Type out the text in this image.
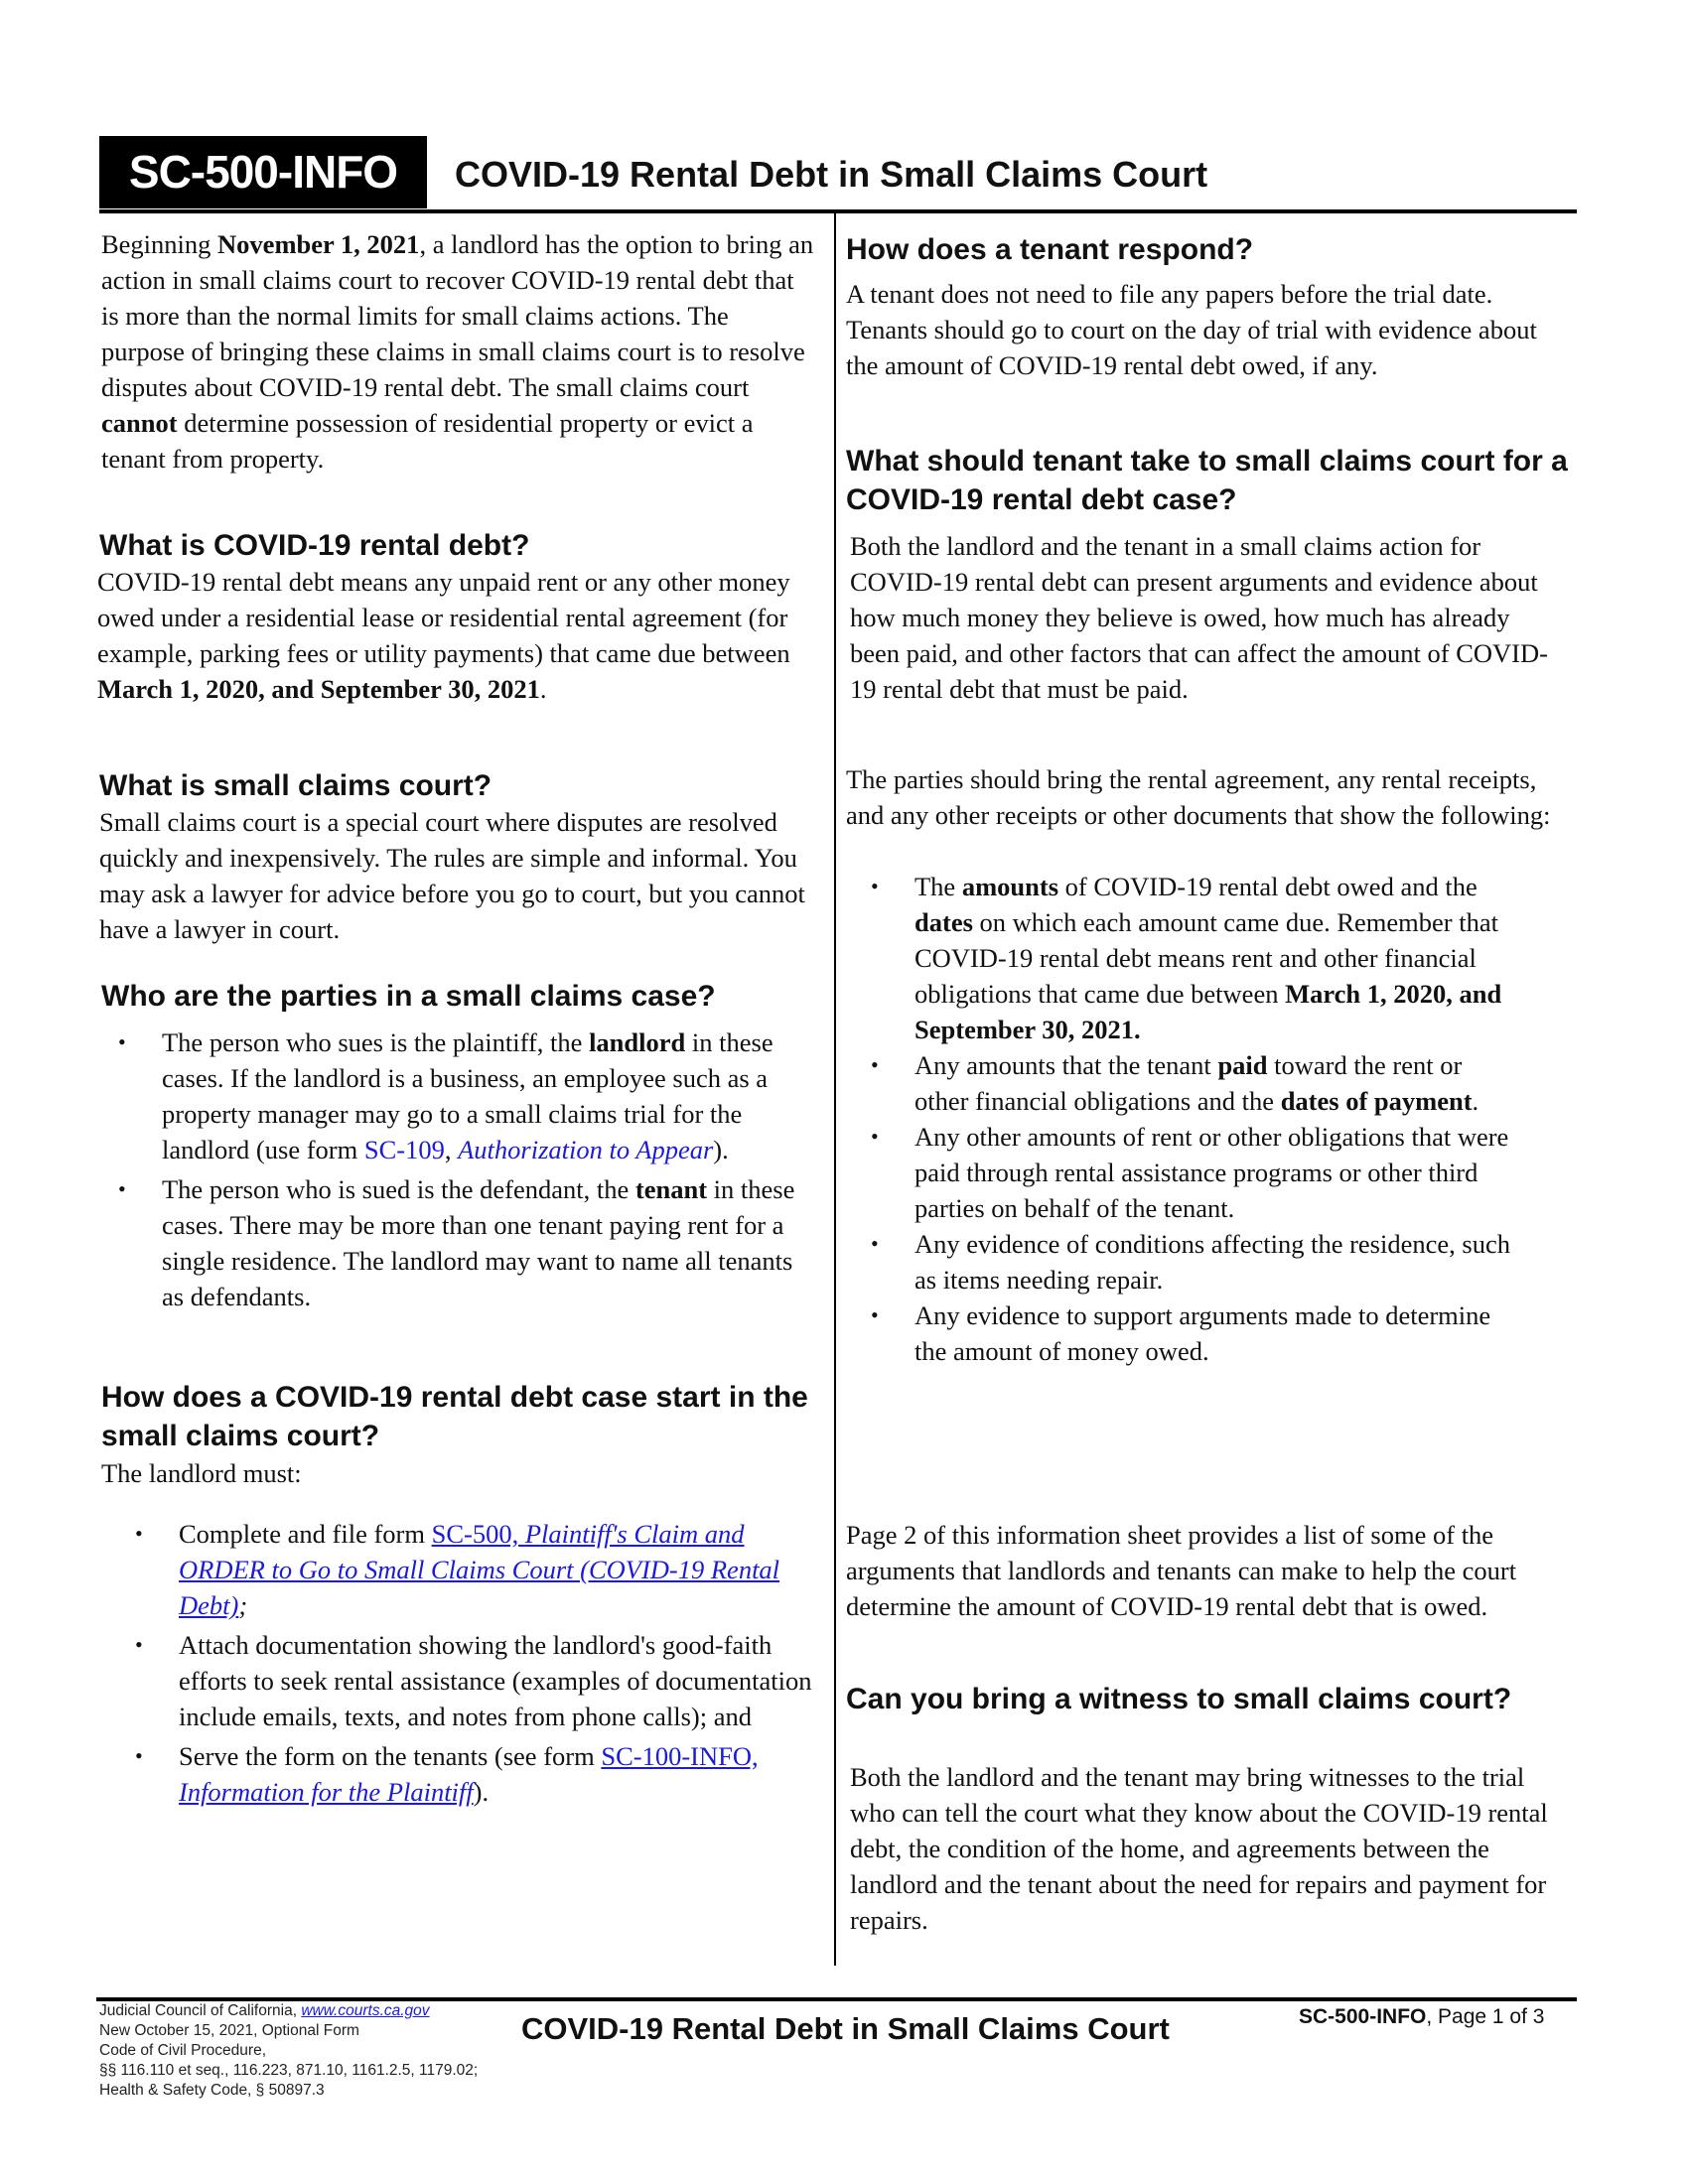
SC-500-INFO	COVID-19 Rental Debt in Small Claims Court
Beginning November 1, 2021, a landlord has the option to bring an action in small claims court to recover COVID-19 rental debt that is more than the normal limits for small claims actions. The purpose of bringing these claims in small claims court is to resolve disputes about COVID-19 rental debt. The small claims court cannot determine possession of residential property or evict a tenant from property.
What is COVID-19 rental debt?
COVID-19 rental debt means any unpaid rent or any other money owed under a residential lease or residential rental agreement (for example, parking fees or utility payments) that came due between March 1, 2020, and September 30, 2021.
What is small claims court?
Small claims court is a special court where disputes are resolved quickly and inexpensively. The rules are simple and informal. You may ask a lawyer for advice before you go to court, but you cannot have a lawyer in court.
Who are the parties in a small claims case?
• The person who sues is the plaintiff, the landlord in these cases. If the landlord is a business, an employee such as a property manager may go to a small claims trial for the landlord (use form SC-109, Authorization to Appear).
• The person who is sued is the defendant, the tenant in these cases. There may be more than one tenant paying rent for a single residence. The landlord may want to name all tenants as defendants.
How does a COVID-19 rental debt case start in the small claims court?
The landlord must:
• Complete and file form SC-500, Plaintiff's Claim and ORDER to Go to Small Claims Court (COVID-19 Rental Debt);
• Attach documentation showing the landlord's good-faith efforts to seek rental assistance (examples of documentation include emails, texts, and notes from phone calls); and
• Serve the form on the tenants (see form SC-100-INFO, Information for the Plaintiff).
How does a tenant respond?
A tenant does not need to file any papers before the trial date. Tenants should go to court on the day of trial with evidence about the amount of COVID-19 rental debt owed, if any.
What should tenant take to small claims court for a COVID-19 rental debt case?
Both the landlord and the tenant in a small claims action for COVID-19 rental debt can present arguments and evidence about how much money they believe is owed, how much has already been paid, and other factors that can affect the amount of COVID-19 rental debt that must be paid.
The parties should bring the rental agreement, any rental receipts, and any other receipts or other documents that show the following:
• The amounts of COVID-19 rental debt owed and the dates on which each amount came due. Remember that COVID-19 rental debt means rent and other financial obligations that came due between March 1, 2020, and September 30, 2021.
• Any amounts that the tenant paid toward the rent or other financial obligations and the dates of payment.
• Any other amounts of rent or other obligations that were paid through rental assistance programs or other third parties on behalf of the tenant.
• Any evidence of conditions affecting the residence, such as items needing repair.
• Any evidence to support arguments made to determine the amount of money owed.
Page 2 of this information sheet provides a list of some of the arguments that landlords and tenants can make to help the court determine the amount of COVID-19 rental debt that is owed.
Can you bring a witness to small claims court?
Both the landlord and the tenant may bring witnesses to the trial who can tell the court what they know about the COVID-19 rental debt, the condition of the home, and agreements between the landlord and the tenant about the need for repairs and payment for repairs.
Judicial Council of California, www.courts.ca.gov
New October 15, 2021, Optional Form
Code of Civil Procedure,
§§ 116.110 et seq., 116.223, 871.10, 1161.2.5, 1179.02;
Health & Safety Code, § 50897.3
COVID-19 Rental Debt in Small Claims Court	SC-500-INFO, Page 1 of 3
